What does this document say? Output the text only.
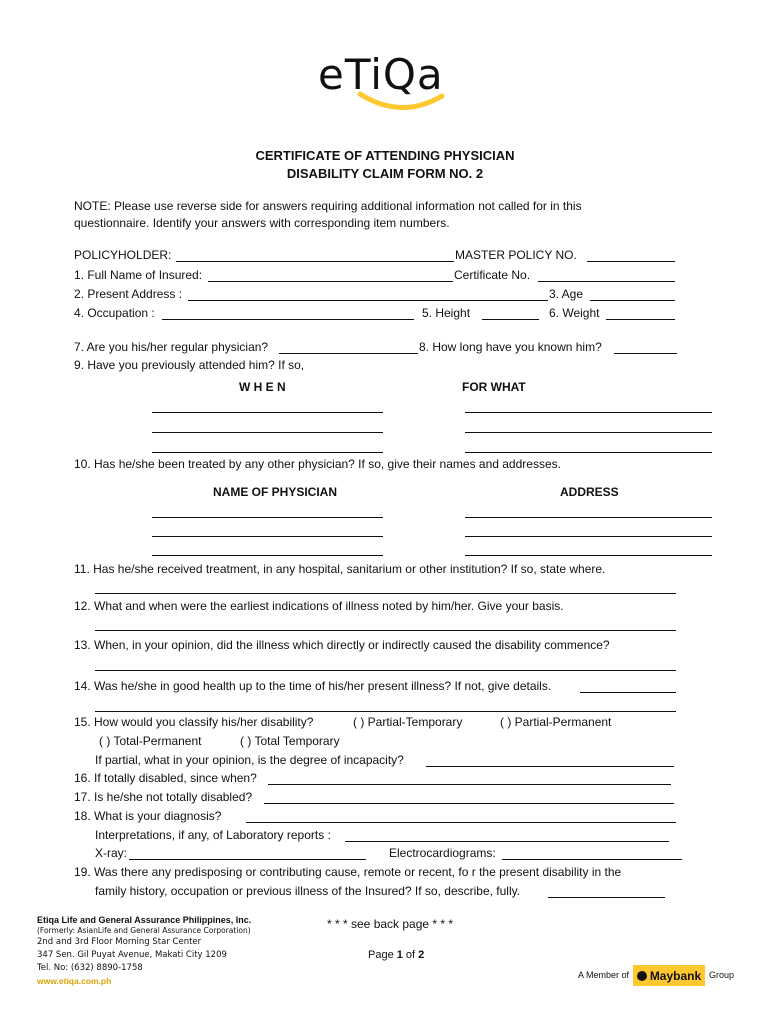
eTiQa
CERTIFICATE OF ATTENDING PHYSICIAN
DISABILITY CLAIM FORM NO. 2
NOTE: Please use reverse side for answers requiring additional information not called for in this
questionnaire. Identify your answers with corresponding item numbers.
POLICYHOLDER:	MASTER POLICY NO.
1. Full Name of Insured:	Certificate No.
2. Present Address :	3. Age
4. Occupation :	5. Height	6. Weight
7. Are you his/her regular physician?	8. How long have you known him?
9. Have you previously attended him? If so,
W H E N	FOR WHAT
10. Has he/she been treated by any other physician? If so, give their names and addresses.
NAME OF PHYSICIAN	ADDRESS
11. Has he/she received treatment, in any hospital, sanitarium or other institution? If so, state where.
12. What and when were the earliest indications of illness noted by him/her. Give your basis.
13. When, in your opinion, did the illness which directly or indirectly caused the disability commence?
14. Was he/she in good health up to the time of his/her present illness? If not, give details.
15. How would you classify his/her disability?	( ) Partial-Temporary	( ) Partial-Permanent
( ) Total-Permanent	( ) Total Temporary
If partial, what in your opinion, is the degree of incapacity?
16. If totally disabled, since when?
17. Is he/she not totally disabled?
18. What is your diagnosis?
Interpretations, if any, of Laboratory reports :
X-ray:	Electrocardiograms:
19. Was there any predisposing or contributing cause, remote or recent, fo r the present disability in the
family history, occupation or previous illness of the Insured? If so, describe, fully.
Etiqa Life and General Assurance Philippines, Inc.
(Formerly: AsianLife and General Assurance Corporation)
2nd and 3rd Floor Morning Star Center
347 Sen. Gil Puyat Avenue, Makati City 1209
Tel. No: (632) 8890-1758
www.etiqa.com.ph
* * * see back page * * *
Page 1 of 2
A Member of Maybank Group
